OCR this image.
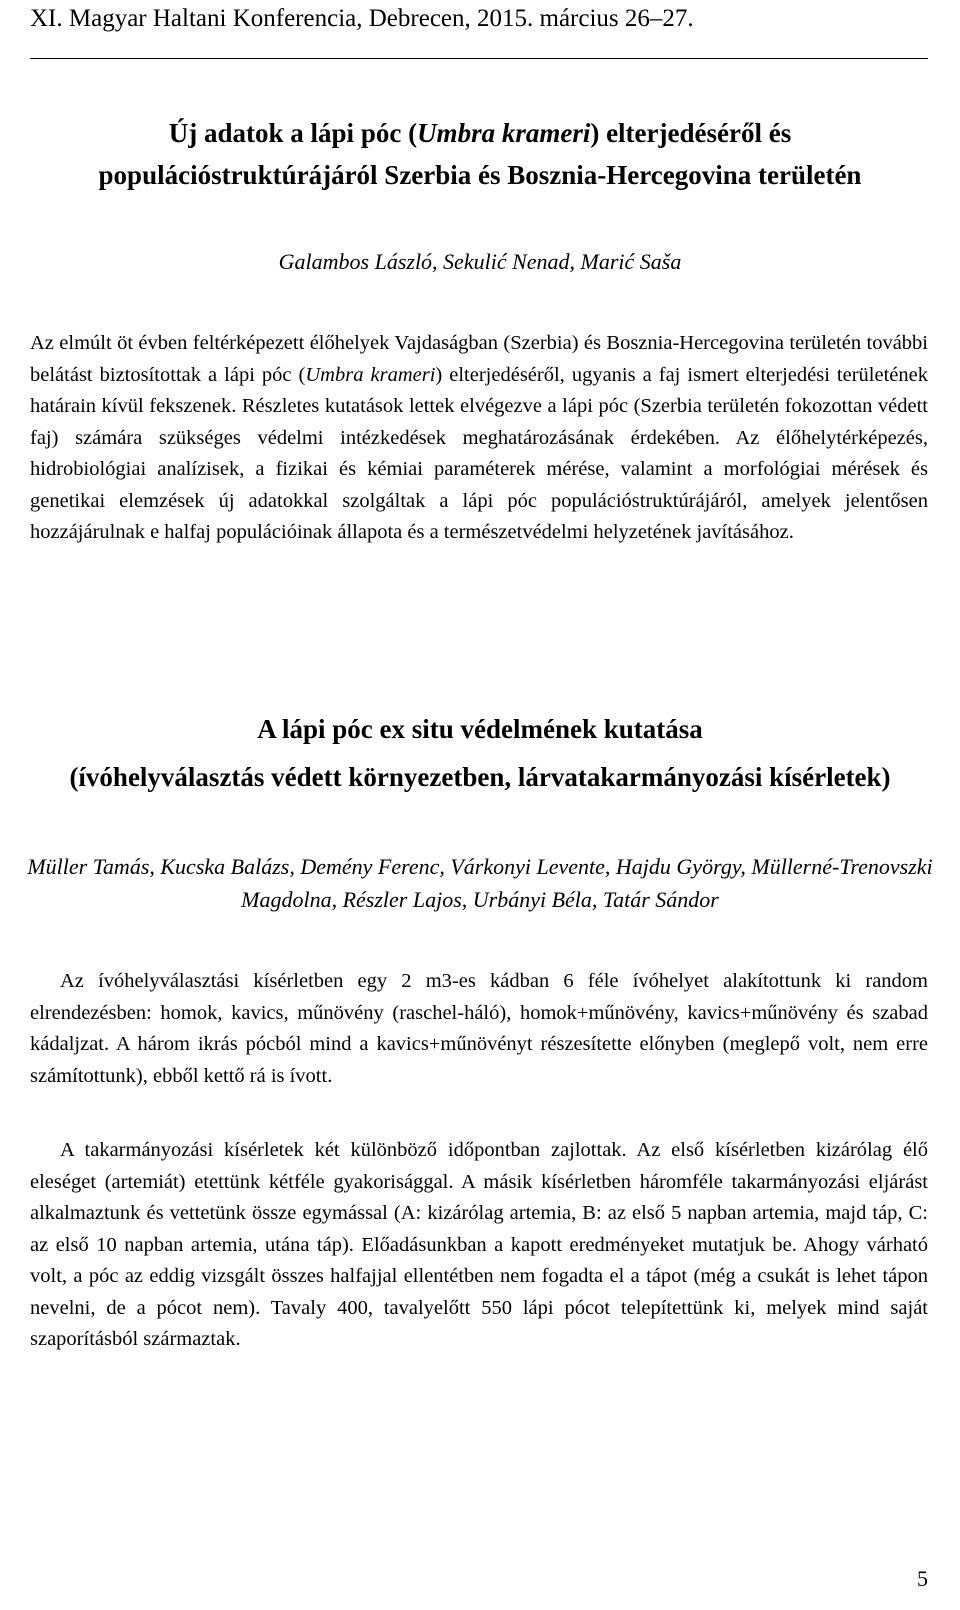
XI. Magyar Haltani Konferencia, Debrecen, 2015. március 26–27.
Új adatok a lápi póc (Umbra krameri) elterjedéséről és populációstruktúrájáról Szerbia és Bosznia-Hercegovina területén
Galambos László, Sekulić Nenad, Marić Saša

Az elmúlt öt évben feltérképezett élőhelyek Vajdaságban (Szerbia) és Bosznia-Hercegovina területén további belátást biztosítottak a lápi póc (Umbra krameri) elterjedéséről, ugyanis a faj ismert elterjedési területének határain kívül fekszenek. Részletes kutatások lettek elvégezve a lápi póc (Szerbia területén fokozottan védett faj) számára szükséges védelmi intézkedések meghatározásának érdekében. Az élőhelytérképezés, hidrobiológiai analízisek, a fizikai és kémiai paraméterek mérése, valamint a morfológiai mérések és genetikai elemzések új adatokkal szolgáltak a lápi póc populációstruktúrájáról, amelyek jelentősen hozzájárulnak e halfaj populációinak állapota és a természetvédelmi helyzetének javításához.

A lápi póc ex situ védelmének kutatása
(ívóhelyválasztás védett környezetben, lárvatakarmányozási kísérletek)
Müller Tamás, Kucska Balázs, Demény Ferenc, Várkonyi Levente, Hajdu György, Müllerné-Trenovszki Magdolna, Részler Lajos, Urbányi Béla, Tatár Sándor

Az ívóhelyválasztási kísérletben egy 2 m3-es kádban 6 féle ívóhelyet alakítottunk ki random elrendezésben: homok, kavics, műnövény (raschel-háló), homok+műnövény, kavics+műnövény és szabad kádaljzat. A három ikrás pócból mind a kavics+műnövényt részesítette előnyben (meglepő volt, nem erre számítottunk), ebből kettő rá is ívott.

A takarmányozási kísérletek két különböző időpontban zajlottak. Az első kísérletben kizárólag élő eleséget (artemiát) etettünk kétféle gyakorisággal. A másik kísérletben háromféle takarmányozási eljárást alkalmaztunk és vettetünk össze egymással (A: kizárólag artemia, B: az első 5 napban artemia, majd táp, C: az első 10 napban artemia, utána táp). Előadásunkban a kapott eredményeket mutatjuk be. Ahogy várható volt, a póc az eddig vizsgált összes halfajjal ellentétben nem fogadta el a tápot (még a csukát is lehet tápon nevelni, de a pócot nem). Tavaly 400, tavalyelőtt 550 lápi pócot telepítettünk ki, melyek mind saját szaporításból származtak.

5
